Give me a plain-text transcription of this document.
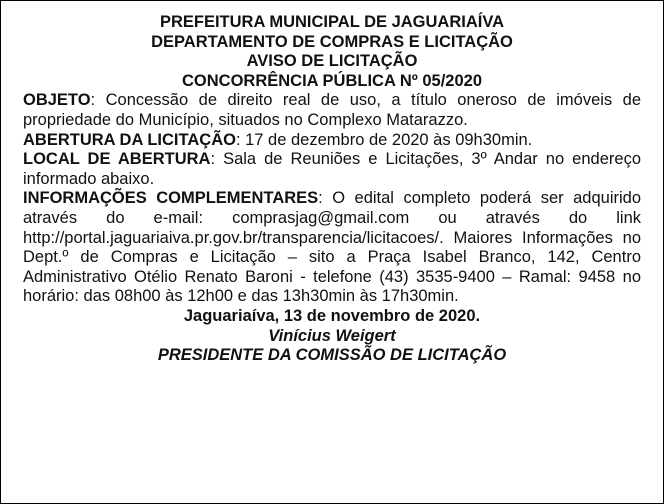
PREFEITURA MUNICIPAL DE JAGUARIAÍVA
DEPARTAMENTO DE COMPRAS E LICITAÇÃO
AVISO DE LICITAÇÃO
CONCORRÊNCIA PÚBLICA Nº 05/2020

OBJETO: Concessão de direito real de uso, a título oneroso de imóveis de propriedade do Município, situados no Complexo Matarazzo.

ABERTURA DA LICITAÇÃO: 17 de dezembro de 2020 às 09h30min.

LOCAL DE ABERTURA: Sala de Reuniões e Licitações, 3º Andar no endereço informado abaixo.

INFORMAÇÕES COMPLEMENTARES: O edital completo poderá ser adquirido através do e-mail: comprasjag@gmail.com ou através do link http://portal.jaguariaiva.pr.gov.br/transparencia/licitacoes/. Maiores Informações no Dept.º de Compras e Licitação – sito a Praça Isabel Branco, 142, Centro Administrativo Otélio Renato Baroni - telefone (43) 3535-9400 – Ramal: 9458 no horário: das 08h00 às 12h00 e das 13h30min às 17h30min.

Jaguariaíva, 13 de novembro de 2020.
Vinícius Weigert
PRESIDENTE DA COMISSÃO DE LICITAÇÃO
